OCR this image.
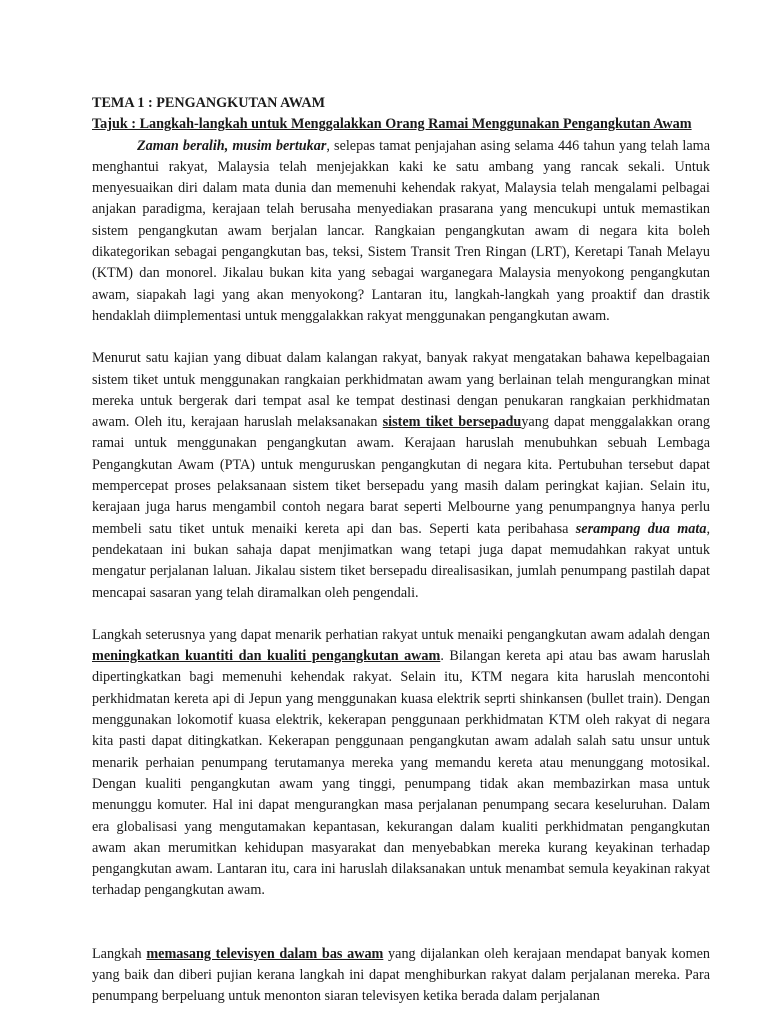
TEMA 1 : PENGANGKUTAN AWAM
Tajuk : Langkah-langkah untuk Menggalakkan Orang Ramai Menggunakan Pengangkutan Awam

Zaman beralih, musim bertukar, selepas tamat penjajahan asing selama 446 tahun yang telah lama menghantui rakyat, Malaysia telah menjejakkan kaki ke satu ambang yang rancak sekali. Untuk menyesuaikan diri dalam mata dunia dan memenuhi kehendak rakyat, Malaysia telah mengalami pelbagai anjakan paradigma, kerajaan telah berusaha menyediakan prasarana yang mencukupi untuk memastikan sistem pengangkutan awam berjalan lancar. Rangkaian pengangkutan awam di negara kita boleh dikategorikan sebagai pengangkutan bas, teksi, Sistem Transit Tren Ringan (LRT), Keretapi Tanah Melayu (KTM) dan monorel. Jikalau bukan kita yang sebagai warganegara Malaysia menyokong pengangkutan awam, siapakah lagi yang akan menyokong? Lantaran itu, langkah-langkah yang proaktif dan drastik hendaklah diimplementasi untuk menggalakkan rakyat menggunakan pengangkutan awam.

Menurut satu kajian yang dibuat dalam kalangan rakyat, banyak rakyat mengatakan bahawa kepelbagaian sistem tiket untuk menggunakan rangkaian perkhidmatan awam yang berlainan telah mengurangkan minat mereka untuk bergerak dari tempat asal ke tempat destinasi dengan penukaran rangkaian perkhidmatan awam. Oleh itu, kerajaan haruslah melaksanakan sistem tiket bersepaduyang dapat menggalakkan orang ramai untuk menggunakan pengangkutan awam. Kerajaan haruslah menubuhkan sebuah Lembaga Pengangkutan Awam (PTA) untuk menguruskan pengangkutan di negara kita. Pertubuhan tersebut dapat mempercepat proses pelaksanaan sistem tiket bersepadu yang masih dalam peringkat kajian. Selain itu, kerajaan juga harus mengambil contoh negara barat seperti Melbourne yang penumpangnya hanya perlu membeli satu tiket untuk menaiki kereta api dan bas. Seperti kata peribahasa serampang dua mata, pendekataan ini bukan sahaja dapat menjimatkan wang tetapi juga dapat memudahkan rakyat untuk mengatur perjalanan laluan. Jikalau sistem tiket bersepadu direalisasikan, jumlah penumpang pastilah dapat mencapai sasaran yang telah diramalkan oleh pengendali.

Langkah seterusnya yang dapat menarik perhatian rakyat untuk menaiki pengangkutan awam adalah dengan meningkatkan kuantiti dan kualiti pengangkutan awam. Bilangan kereta api atau bas awam haruslah dipertingkatkan bagi memenuhi kehendak rakyat. Selain itu, KTM negara kita haruslah mencontohi perkhidmatan kereta api di Jepun yang menggunakan kuasa elektrik seprti shinkansen (bullet train). Dengan menggunakan lokomotif kuasa elektrik, kekerapan penggunaan perkhidmatan KTM oleh rakyat di negara kita pasti dapat ditingkatkan. Kekerapan penggunaan pengangkutan awam adalah salah satu unsur untuk menarik perhaian penumpang terutamanya mereka yang memandu kereta atau menunggang motosikal. Dengan kualiti pengangkutan awam yang tinggi, penumpang tidak akan membazirkan masa untuk menunggu komuter. Hal ini dapat mengurangkan masa perjalanan penumpang secara keseluruhan. Dalam era globalisasi yang mengutamakan kepantasan, kekurangan dalam kualiti perkhidmatan pengangkutan awam akan merumitkan kehidupan masyarakat dan menyebabkan mereka kurang keyakinan terhadap pengangkutan awam. Lantaran itu, cara ini haruslah dilaksanakan untuk menambat semula keyakinan rakyat terhadap pengangkutan awam.

Langkah memasang televisyen dalam bas awam yang dijalankan oleh kerajaan mendapat banyak komen yang baik dan diberi pujian kerana langkah ini dapat menghiburkan rakyat dalam perjalanan mereka. Para penumpang berpeluang untuk menonton siaran televisyen ketika berada dalam perjalanan
